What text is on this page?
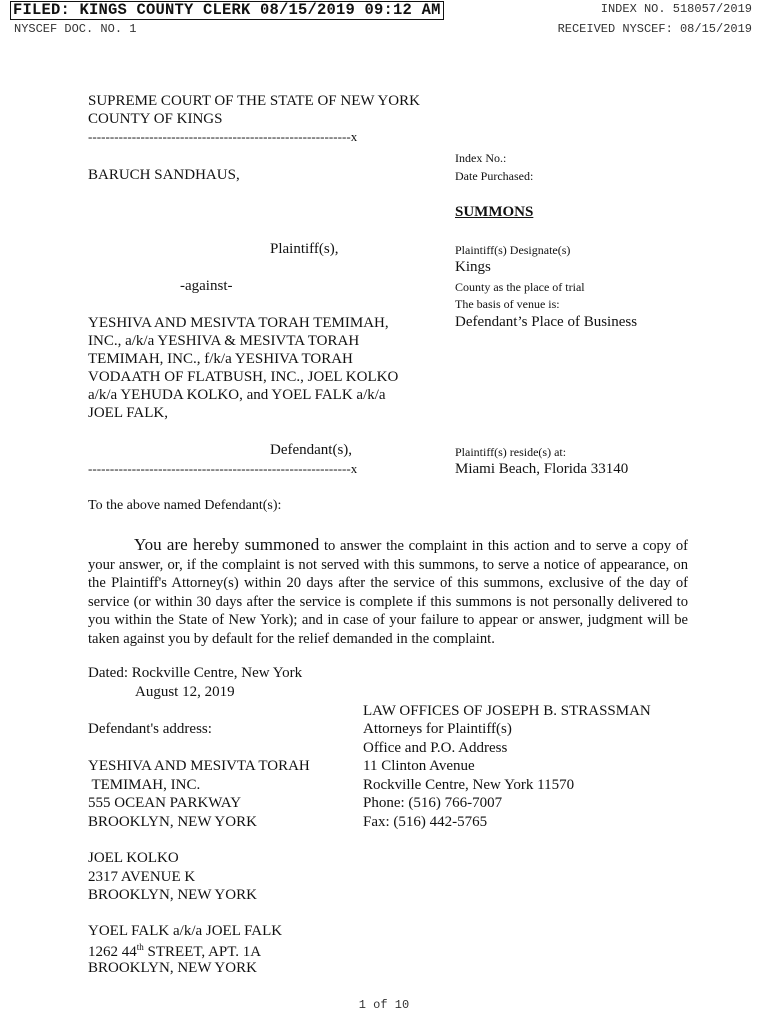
FILED: KINGS COUNTY CLERK 08/15/2019 09:12 AM	INDEX NO. 518057/2019
NYSCEF DOC. NO. 1	RECEIVED NYSCEF: 08/15/2019
SUPREME COURT OF THE STATE OF NEW YORK
COUNTY OF KINGS
------------------------------------------------------------x
BARUCH SANDHAUS,
Plaintiff(s),
-against-
YESHIVA AND MESIVTA TORAH TEMIMAH,
INC., a/k/a YESHIVA & MESIVTA TORAH
TEMIMAH, INC., f/k/a YESHIVA TORAH
VODAATH OF FLATBUSH, INC., JOEL KOLKO
a/k/a YEHUDA KOLKO, and YOEL FALK a/k/a
JOEL FALK,
Defendant(s),
------------------------------------------------------------x
Index No.:
Date Purchased:
SUMMONS
Plaintiff(s) Designate(s)
Kings
County as the place of trial
The basis of venue is:
Defendant’s Place of Business
Plaintiff(s) reside(s) at:
Miami Beach, Florida 33140
To the above named Defendant(s):
You are hereby summoned to answer the complaint in this action and to serve a copy of your answer, or, if the complaint is not served with this summons, to serve a notice of appearance, on the Plaintiff's Attorney(s) within 20 days after the service of this summons, exclusive of the day of service (or within 30 days after the service is complete if this summons is not personally delivered to you within the State of New York); and in case of your failure to appear or answer, judgment will be taken against you by default for the relief demanded in the complaint.
Dated: Rockville Centre, New York
August 12, 2019
LAW OFFICES OF JOSEPH B. STRASSMAN
Attorneys for Plaintiff(s)
Office and P.O. Address
11 Clinton Avenue
Rockville Centre, New York 11570
Phone: (516) 766-7007
Fax: (516) 442-5765
Defendant's address:
YESHIVA AND MESIVTA TORAH
TEMIMAH, INC.
555 OCEAN PARKWAY
BROOKLYN, NEW YORK
JOEL KOLKO
2317 AVENUE K
BROOKLYN, NEW YORK
YOEL FALK a/k/a JOEL FALK
1262 44th STREET, APT. 1A
BROOKLYN, NEW YORK
1 of 10
